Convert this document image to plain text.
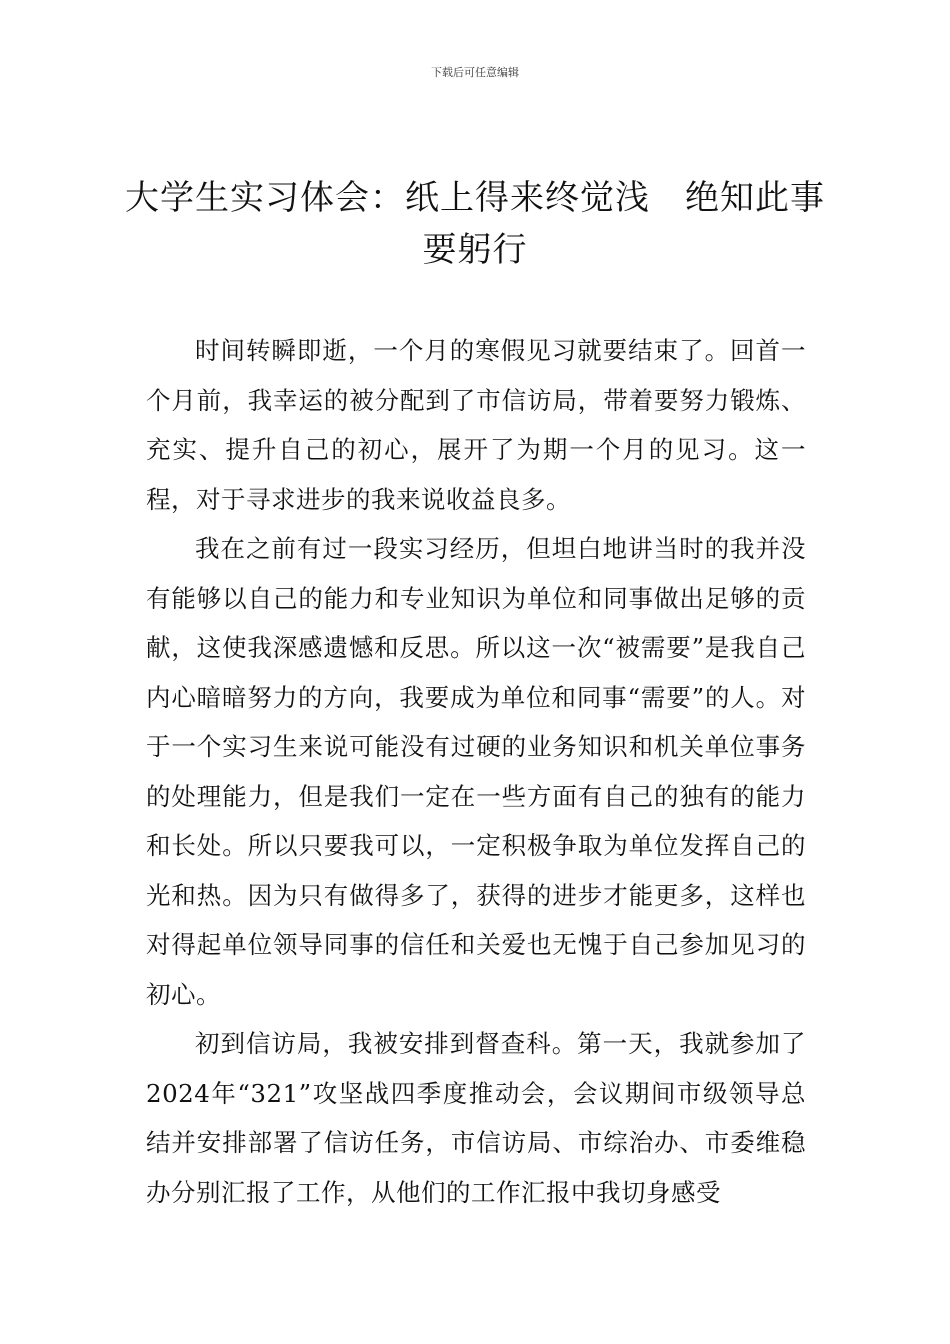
下载后可任意编辑
大学生实习体会：纸上得来终觉浅　绝知此事要躬行

时间转瞬即逝，一个月的寒假见习就要结束了。回首一个月前，我幸运的被分配到了市信访局，带着要努力锻炼、充实、提升自己的初心，展开了为期一个月的见习。这一程，对于寻求进步的我来说收益良多。

我在之前有过一段实习经历，但坦白地讲当时的我并没有能够以自己的能力和专业知识为单位和同事做出足够的贡献，这使我深感遗憾和反思。所以这一次“被需要”是我自己内心暗暗努力的方向，我要成为单位和同事“需要”的人。对于一个实习生来说可能没有过硬的业务知识和机关单位事务的处理能力，但是我们一定在一些方面有自己的独有的能力和长处。所以只要我可以，一定积极争取为单位发挥自己的光和热。因为只有做得多了，获得的进步才能更多，这样也对得起单位领导同事的信任和关爱也无愧于自己参加见习的初心。

初到信访局，我被安排到督查科。第一天，我就参加了2024年“321”攻坚战四季度推动会，会议期间市级领导总结并安排部署了信访任务，市信访局、市综治办、市委维稳办分别汇报了工作，从他们的工作汇报中我切身感受
